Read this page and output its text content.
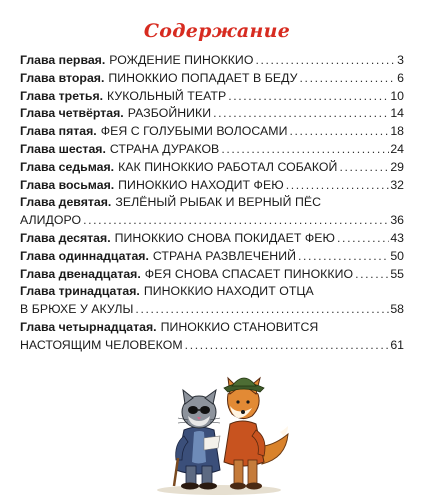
Содержание
Глава первая. РОЖДЕНИЕ ПИНОККИО .....	3
Глава вторая. ПИНОККИО ПОПАДАЕТ В БЕДУ .....	6
Глава третья. КУКОЛЬНЫЙ ТЕАТР .....	10
Глава четвёртая. РАЗБОЙНИКИ .....	14
Глава пятая. ФЕЯ С ГОЛУБЫМИ ВОЛОСАМИ .....	18
Глава шестая. СТРАНА ДУРАКОВ .....	24
Глава седьмая. КАК ПИНОККИО РАБОТАЛ СОБАКОЙ .....	29
Глава восьмая. ПИНОККИО НАХОДИТ ФЕЮ .....	32
Глава девятая. ЗЕЛЁНЫЙ РЫБАК И ВЕРНЫЙ ПЁС
АЛИДОРО .....	36
Глава десятая. ПИНОККИО СНОВА ПОКИДАЕТ ФЕЮ .....	43
Глава одиннадцатая. СТРАНА РАЗВЛЕЧЕНИЙ .....	50
Глава двенадцатая. ФЕЯ СНОВА СПАСАЕТ ПИНОККИО .....	55
Глава тринадцатая. ПИНОККИО НАХОДИТ ОТЦА
В БРЮХЕ У АКУЛЫ .....	58
Глава четырнадцатая. ПИНОККИО СТАНОВИТСЯ
НАСТОЯЩИМ ЧЕЛОВЕКОМ .....	61
